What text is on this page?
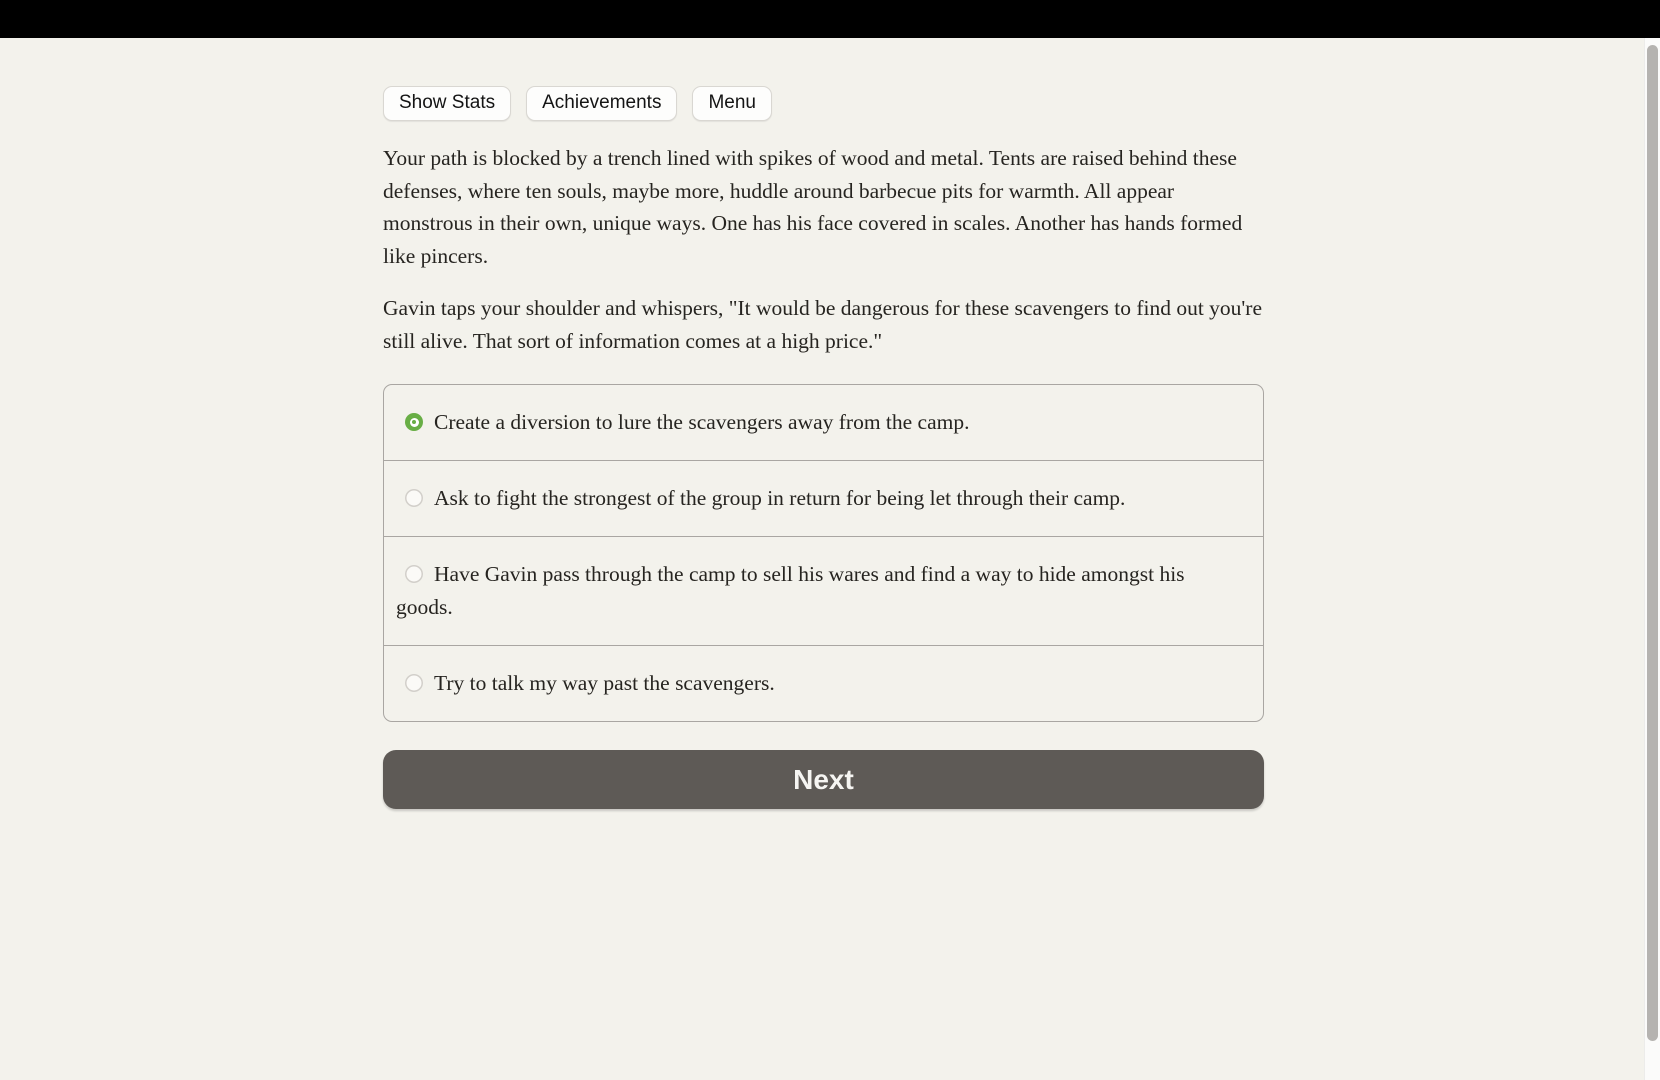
Show Stats	Achievements	Menu

Your path is blocked by a trench lined with spikes of wood and metal. Tents are raised behind these defenses, where ten souls, maybe more, huddle around barbecue pits for warmth. All appear monstrous in their own, unique ways. One has his face covered in scales. Another has hands formed like pincers.

Gavin taps your shoulder and whispers, "It would be dangerous for these scavengers to find out you're still alive. That sort of information comes at a high price."

Create a diversion to lure the scavengers away from the camp.
Ask to fight the strongest of the group in return for being let through their camp.
Have Gavin pass through the camp to sell his wares and find a way to hide amongst his goods.
Try to talk my way past the scavengers.
Next
